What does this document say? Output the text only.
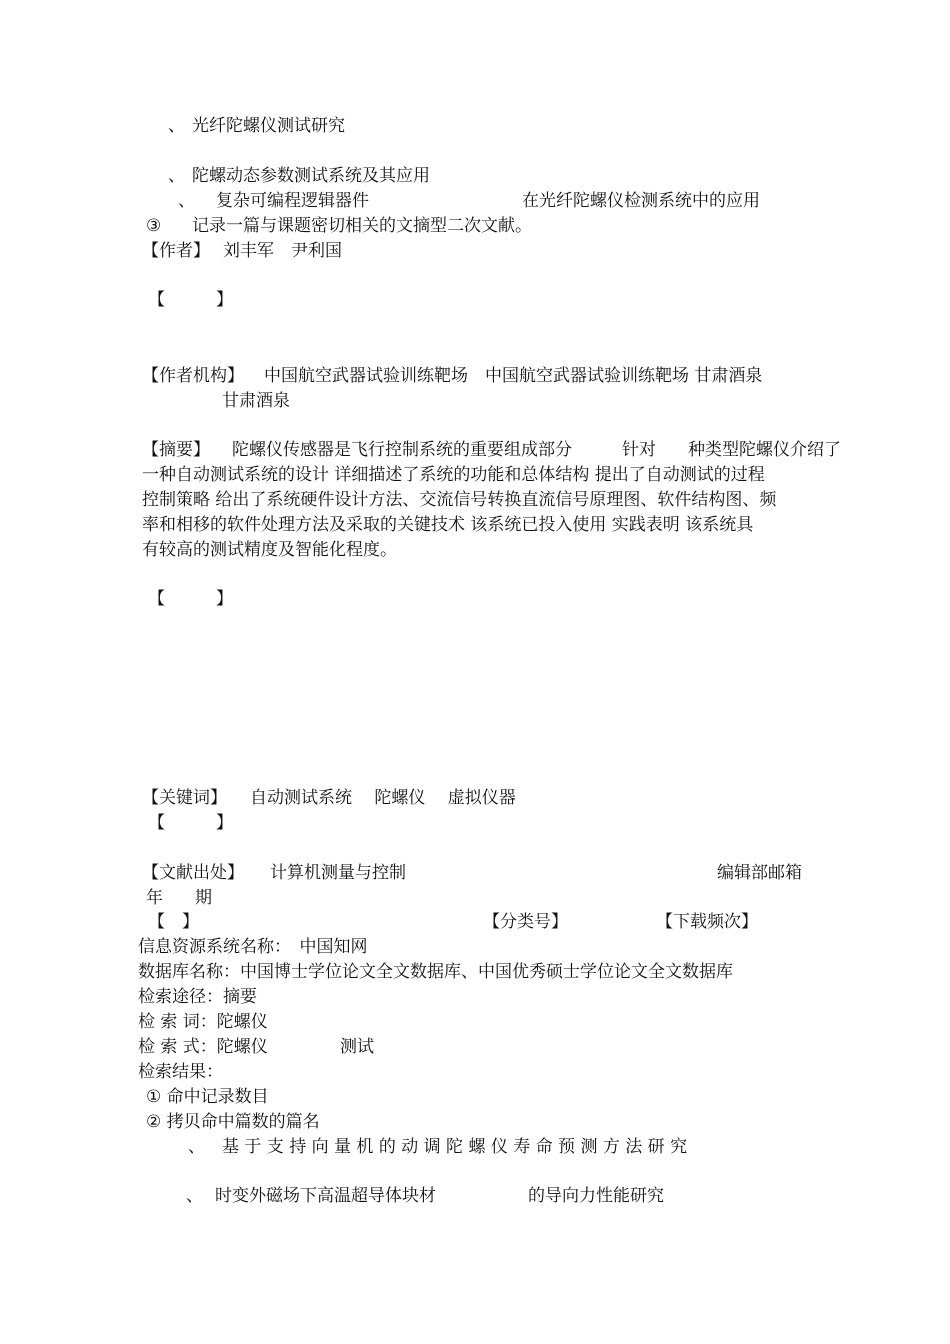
、 光纤陀螺仪测试研究
、 陀螺动态参数测试系统及其应用
、 复杂可编程逻辑器件	在光纤陀螺仪检测系统中的应用
③ 记录一篇与课题密切相关的文摘型二次文献。
【作者】 刘丰军　尹利国
【　　　】
【作者机构】 中国航空武器试验训练靶场　中国航空武器试验训练靶场 甘肃酒泉
甘肃酒泉
【摘要】 陀螺仪传感器是飞行控制系统的重要组成部分	针对 种类型陀螺仪介绍了
一种自动测试系统的设计 详细描述了系统的功能和总体结构 提出了自动测试的过程
控制策略 给出了系统硬件设计方法、交流信号转换直流信号原理图、软件结构图、频
率和相移的软件处理方法及采取的关键技术 该系统已投入使用 实践表明 该系统具
有较高的测试精度及智能化程度。
【　　　】
【关键词】 自动测试系统　 陀螺仪　 虚拟仪器
【　　　】
【文献出处】 计算机测量与控制	编辑部邮箱
年 期
【　】	【分类号】	【下载频次】
信息资源系统名称：　中国知网
数据库名称：中国博士学位论文全文数据库、中国优秀硕士学位论文全文数据库
检索途径：摘要
检 索 词：陀螺仪
检 索 式：陀螺仪	测试
检索结果：
① 命中记录数目
② 拷贝命中篇数的篇名
、 基 于 支 持 向 量 机 的 动 调 陀 螺 仪 寿 命 预 测 方 法 研 究
、 时变外磁场下高温超导体块材	的导向力性能研究
